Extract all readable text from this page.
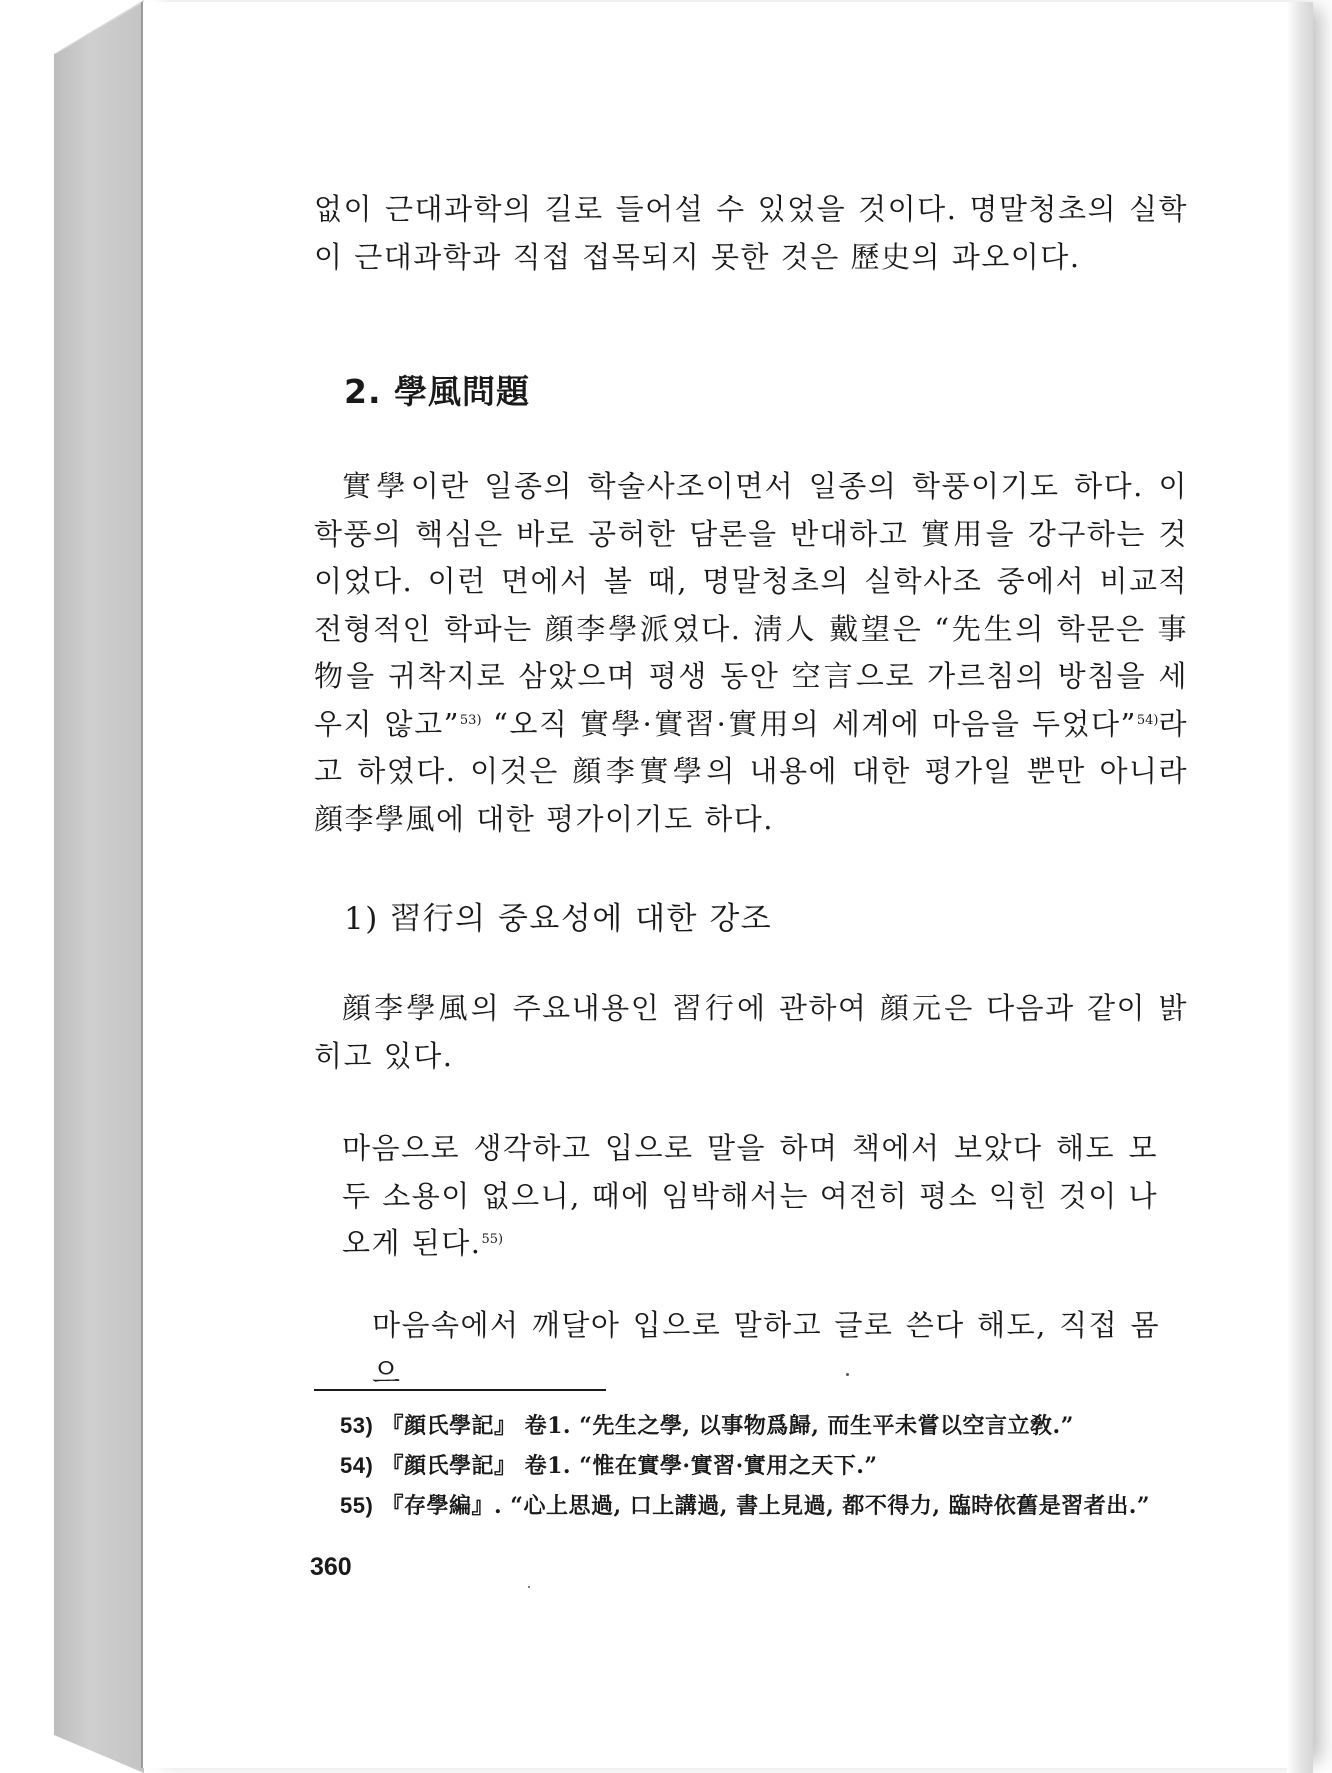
없이 근대과학의 길로 들어설 수 있었을 것이다. 명말청초의 실학이 근대과학과 직접 접목되지 못한 것은 歷史의 과오이다.

2. 學風問題

實學이란 일종의 학술사조이면서 일종의 학풍이기도 하다. 이 학풍의 핵심은 바로 공허한 담론을 반대하고 實用을 강구하는 것이었다. 이런 면에서 볼 때, 명말청초의 실학사조 중에서 비교적 전형적인 학파는 顔李學派였다. 淸人 戴望은 “先生의 학문은 事物을 귀착지로 삼았으며 평생 동안 空言으로 가르침의 방침을 세우지 않고”$^{53)}$ “오직 實學·實習·實用의 세계에 마음을 두었다”$^{54)}$라고 하였다. 이것은 顔李實學의 내용에 대한 평가일 뿐만 아니라 顔李學風에 대한 평가이기도 하다.

1) 習行의 중요성에 대한 강조

顔李學風의 주요내용인 習行에 관하여 顔元은 다음과 같이 밝히고 있다.

마음으로 생각하고 입으로 말을 하며 책에서 보았다 해도 모두 소용이 없으니, 때에 임박해서는 여전히 평소 익힌 것이 나오게 된다.$^{55)}$

마음속에서 깨달아 입으로 말하고 글로 쓴다 해도, 직접 몸으

53) 『顔氏學記』 卷1. “先生之學, 以事物爲歸, 而生平未嘗以空言立敎.”
54) 『顔氏學記』 卷1. “惟在實學·實習·實用之天下.”
55) 『存學編』. “心上思過, 口上講過, 書上見過, 都不得力, 臨時依舊是習者出.”
360
